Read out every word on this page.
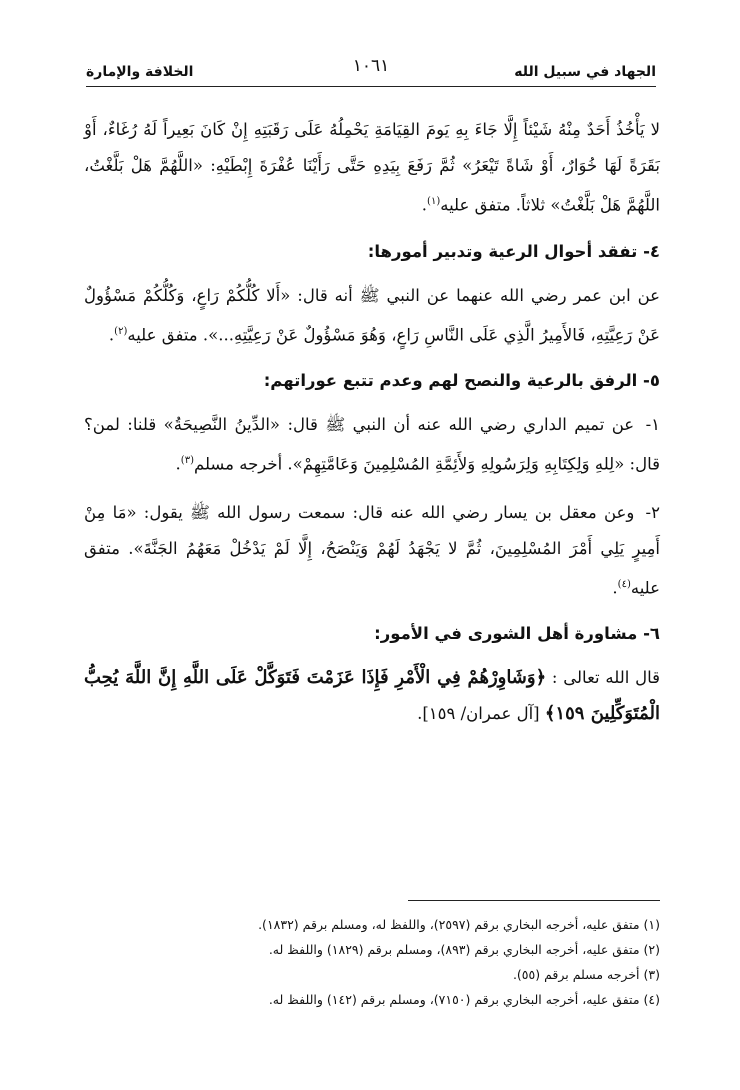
الجهاد في سبيل الله
١٠٦١
الخلافة والإمارة

لا يَأْخُذُ أَحَدٌ مِنْهُ شَيْئاً إِلَّا جَاءَ بِهِ يَومَ القِيَامَةِ يَحْمِلُهُ عَلَى رَقَبَتِهِ إِنْ كَانَ بَعِيراً لَهُ رُغَاءٌ، أَوْ بَقَرَةً لَهَا خُوَارٌ، أَوْ شَاةً تَيْعَرُ» ثُمَّ رَفَعَ بِيَدِهِ حَتَّى رَأَيْنَا عُفْرَةَ إِبْطَيْهِ: «اللَّهُمَّ هَلْ بَلَّغْتُ، اللَّهُمَّ هَلْ بَلَّغْتُ» ثلاثاً. متفق عليه$^{(١)}$.

٤- تفقد أحوال الرعية وتدبير أمورها:

عن ابن عمر رضي الله عنهما عن النبي ﷺ أنه قال: «أَلا كُلُّكُمْ رَاعٍ، وَكُلُّكُمْ مَسْؤُولٌ عَنْ رَعِيَّتِهِ، فَالأَمِيرُ الَّذِي عَلَى النَّاسِ رَاعٍ، وَهُوَ مَسْؤُولٌ عَنْ رَعِيَّتِهِ...». متفق عليه$^{(٢)}$.

٥- الرفق بالرعية والنصح لهم وعدم تتبع عوراتهم:

١- عن تميم الداري رضي الله عنه أن النبي ﷺ قال: «الدِّينُ النَّصِيحَةُ» قلنا: لمن؟ قال: «لِلهِ وَلِكِتَابِهِ وَلِرَسُولِهِ وَلأَئِمَّةِ المُسْلِمِينَ وَعَامَّتِهِمْ». أخرجه مسلم$^{(٣)}$.

٢- وعن معقل بن يسار رضي الله عنه قال: سمعت رسول الله ﷺ يقول: «مَا مِنْ أَمِيرٍ يَلِي أَمْرَ المُسْلِمِينَ، ثُمَّ لا يَجْهَدُ لَهُمْ وَيَنْصَحُ، إِلَّا لَمْ يَدْخُلْ مَعَهُمُ الجَنَّةَ». متفق عليه$^{(٤)}$.

٦- مشاورة أهل الشورى في الأمور:

قال الله تعالى : ﴿وَشَاوِرْهُمْ فِي الْأَمْرِ فَإِذَا عَزَمْتَ فَتَوَكَّلْ عَلَى اللَّهِ إِنَّ اللَّهَ يُحِبُّ الْمُتَوَكِّلِينَ ١٥٩﴾ [آل عمران/ ١٥٩].

(١) متفق عليه، أخرجه البخاري برقم (٢٥٩٧)، واللفظ له، ومسلم برقم (١٨٣٢).

(٢) متفق عليه، أخرجه البخاري برقم (٨٩٣)، ومسلم برقم (١٨٢٩) واللفظ له.

(٣) أخرجه مسلم برقم (٥٥).

(٤) متفق عليه، أخرجه البخاري برقم (٧١٥٠)، ومسلم برقم (١٤٢) واللفظ له.
